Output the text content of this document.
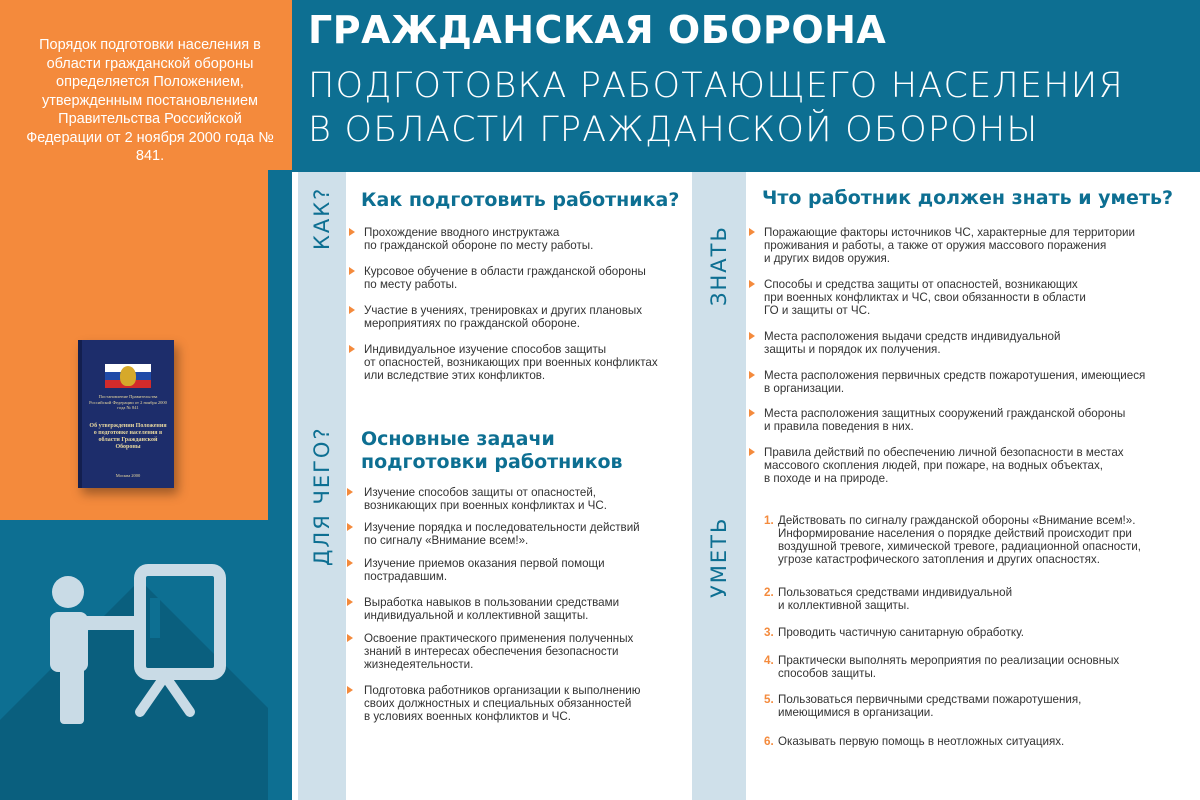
Порядок подготовки населения в области гражданской обороны определяется Положением, утвержденным постановлением Правительства Российской Федерации от 2 ноября 2000 года № 841.
Постановление Правительства Российской Федерации от 2 ноября 2000 года № 841
Об утверждении Положения о подготовке населения в области Гражданской Обороны
Москва 2000
ГРАЖДАНСКАЯ ОБОРОНА
ПОДГОТОВКА РАБОТАЮЩЕГО НАСЕЛЕНИЯ
В ОБЛАСТИ ГРАЖДАНСКОЙ ОБОРОНЫ
КАК?
ДЛЯ ЧЕГО?
ЗНАТЬ
УМЕТЬ
Как подготовить работника?
Основные задачи
подготовки работников
Что работник должен знать и уметь?
Прохождение вводного инструктажа
по гражданской обороне по месту работы.
Курсовое обучение в области гражданской обороны
по месту работы.
Участие в учениях, тренировках и других плановых
мероприятиях по гражданской обороне.
Индивидуальное изучение способов защиты
от опасностей, возникающих при военных конфликтах
или вследствие этих конфликтов.
Изучение способов защиты от опасностей,
возникающих при военных конфликтах и ЧС.
Изучение порядка и последовательности действий
по сигналу «Внимание всем!».
Изучение приемов оказания первой помощи
пострадавшим.
Выработка навыков в пользовании средствами
индивидуальной и коллективной защиты.
Освоение практического применения полученных
знаний в интересах обеспечения безопасности
жизнедеятельности.
Подготовка работников организации к выполнению
своих должностных и специальных обязанностей
в условиях военных конфликтов и ЧС.
Поражающие факторы источников ЧС, характерные для территории
проживания и работы, а также от оружия массового поражения
и других видов оружия.
Способы и средства защиты от опасностей, возникающих
при военных конфликтах и ЧС, свои обязанности в области
ГО и защиты от ЧС.
Места расположения выдачи средств индивидуальной
защиты и порядок их получения.
Места расположения первичных средств пожаротушения, имеющиеся
в организации.
Места расположения защитных сооружений гражданской обороны
и правила поведения в них.
Правила действий по обеспечению личной безопасности в местах
массового скопления людей, при пожаре, на водных объектах,
в походе и на природе.
1. Действовать по сигналу гражданской обороны «Внимание всем!».
Информирование населения о порядке действий происходит при
воздушной тревоге, химической тревоге, радиационной опасности,
угрозе катастрофического затопления и других опасностях.
2. Пользоваться средствами индивидуальной
и коллективной защиты.
3. Проводить частичную санитарную обработку.
4. Практически выполнять мероприятия по реализации основных
способов защиты.
5. Пользоваться первичными средствами пожаротушения,
имеющимися в организации.
6. Оказывать первую помощь в неотложных ситуациях.
